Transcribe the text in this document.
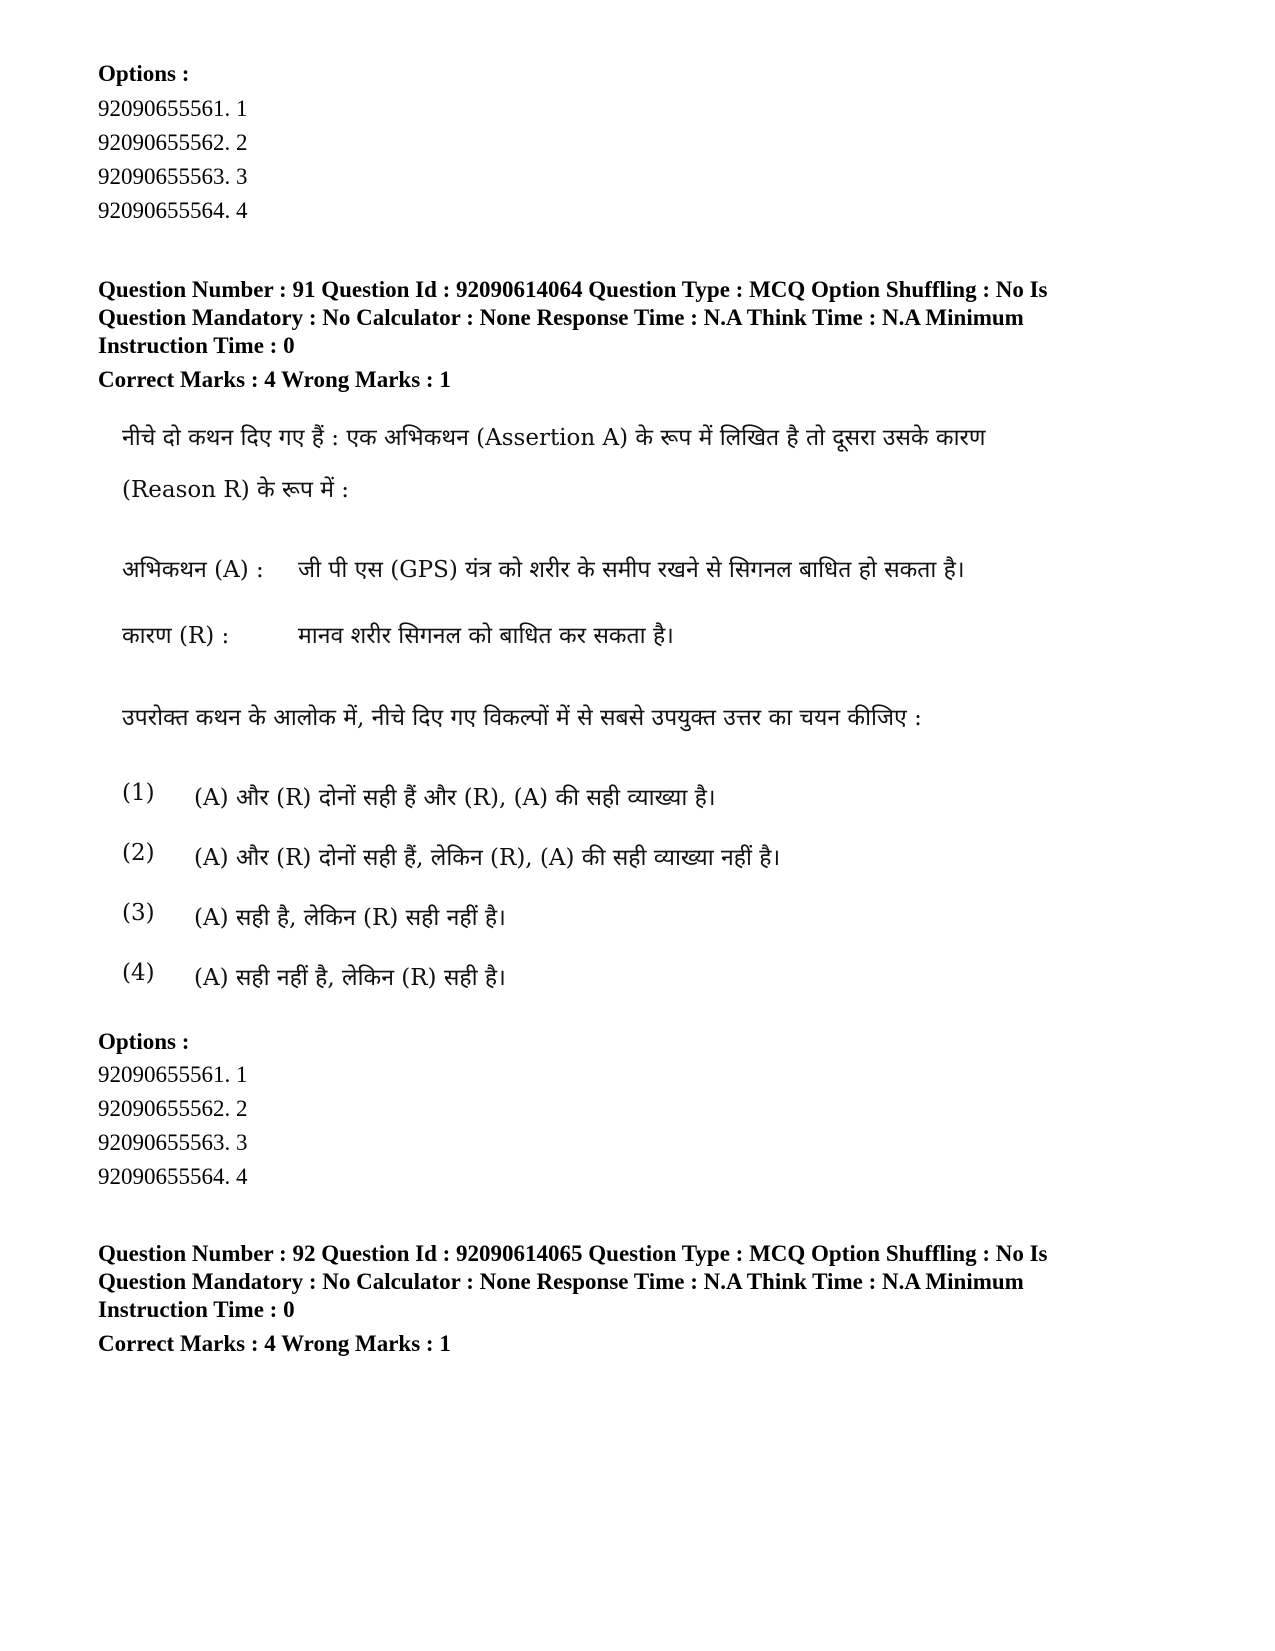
Options :
92090655561. 1
92090655562. 2
92090655563. 3
92090655564. 4
Question Number : 91 Question Id : 92090614064 Question Type : MCQ Option Shuffling : No Is
Question Mandatory : No Calculator : None Response Time : N.A Think Time : N.A Minimum
Instruction Time : 0
Correct Marks : 4 Wrong Marks : 1
नीचे दो कथन दिए गए हैं : एक अभिकथन (Assertion A) के रूप में लिखित है तो दूसरा उसके कारण
(Reason R) के रूप में :
अभिकथन (A) : जी पी एस (GPS) यंत्र को शरीर के समीप रखने से सिगनल बाधित हो सकता है।
कारण (R) :	मानव शरीर सिगनल को बाधित कर सकता है।
उपरोक्त कथन के आलोक में, नीचे दिए गए विकल्पों में से सबसे उपयुक्त उत्तर का चयन कीजिए :
(1) (A) और (R) दोनों सही हैं और (R), (A) की सही व्याख्या है।
(2) (A) और (R) दोनों सही हैं, लेकिन (R), (A) की सही व्याख्या नहीं है।
(3) (A) सही है, लेकिन (R) सही नहीं है।
(4) (A) सही नहीं है, लेकिन (R) सही है।
Options :
92090655561. 1
92090655562. 2
92090655563. 3
92090655564. 4
Question Number : 92 Question Id : 92090614065 Question Type : MCQ Option Shuffling : No Is
Question Mandatory : No Calculator : None Response Time : N.A Think Time : N.A Minimum
Instruction Time : 0
Correct Marks : 4 Wrong Marks : 1
